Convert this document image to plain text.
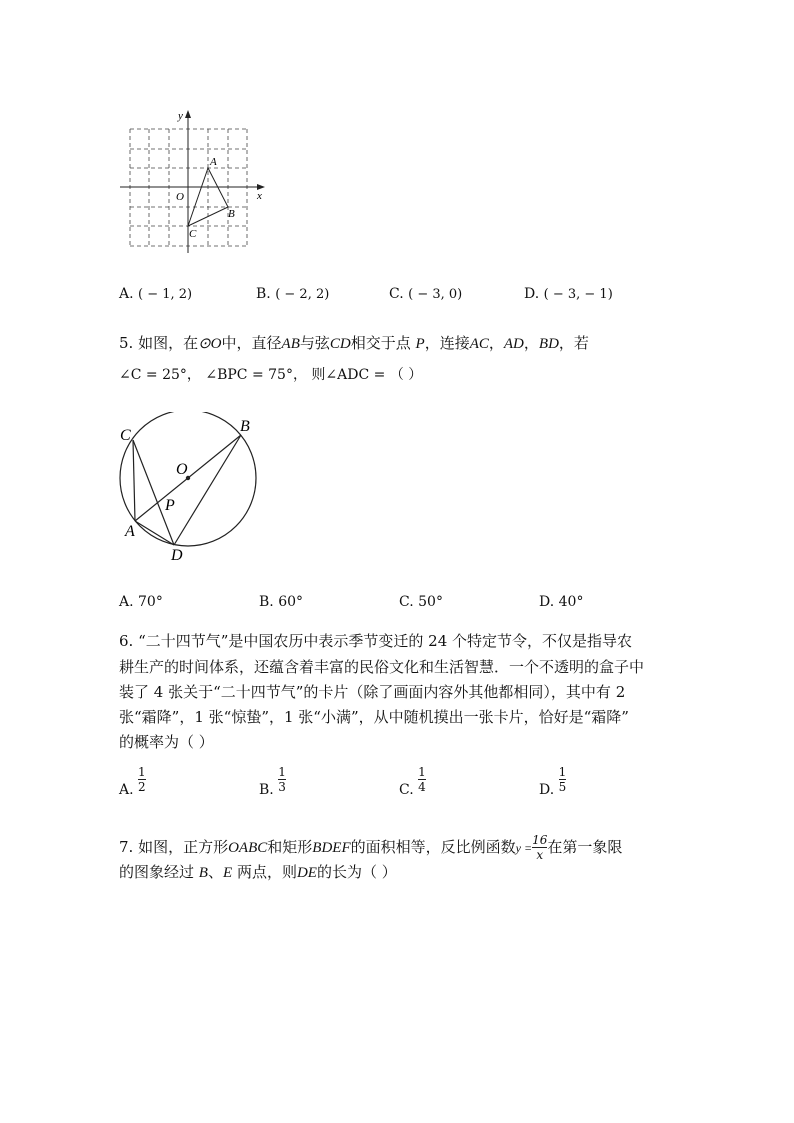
x
y
O
A
B
C
A. ( − 1, 2)	B. ( − 2, 2)	C. ( − 3, 0)	D. ( − 3, − 1)
5. 如图，在⊙O中，直径AB与弦CD相交于点 P，连接AC，AD，BD，若
∠C = 25°， ∠BPC = 75°， 则∠ADC = （ ）
C
B
O
P
A
D
A. 70°	B. 60°	C. 50°	D. 40°
6. “二十四节气”是中国农历中表示季节变迁的 24 个特定节令，不仅是指导农
耕生产的时间体系，还蕴含着丰富的民俗文化和生活智慧．一个不透明的盒子中
装了 4 张关于“二十四节气”的卡片（除了画面内容外其他都相同），其中有 2
张“霜降”，1 张“惊蛰”，1 张“小满”，从中随机摸出一张卡片，恰好是“霜降”
的概率为（ ）
A. $\frac{1}{2}$	B. $\frac{1}{3}$	C. $\frac{1}{4}$	D. $\frac{1}{5}$
7. 如图，正方形OABC和矩形BDEF的面积相等，反比例函数$y = \frac{16}{x}$ 在第一象限
的图象经过 B、E 两点，则DE的长为（ ）
